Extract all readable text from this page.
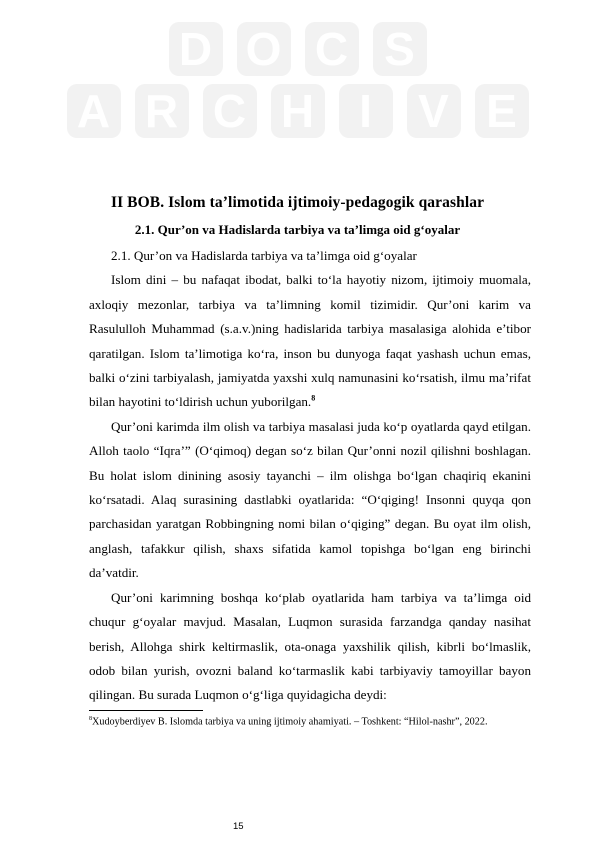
D O C S
A R C H I	V E
II BOB. Islom ta’limotida ijtimoiy-pedagogik qarashlar
2.1. Qur’on va Hadislarda tarbiya va ta’limga oid g‘oyalar

2.1. Qur’on va Hadislarda tarbiya va ta’limga oid g‘oyalar

Islom dini – bu nafaqat ibodat, balki to‘la hayotiy nizom, ijtimoiy muomala, axloqiy mezonlar, tarbiya va ta’limning komil tizimidir. Qur’oni karim va Rasululloh Muhammad (s.a.v.)ning hadislarida tarbiya masalasiga alohida e’tibor qaratilgan. Islom ta’limotiga ko‘ra, inson bu dunyoga faqat yashash uchun emas, balki o‘zini tarbiyalash, jamiyatda yaxshi xulq namunasini ko‘rsatish, ilmu ma’rifat bilan hayotini to‘ldirish uchun yuborilgan.$^8$

Qur’oni karimda ilm olish va tarbiya masalasi juda ko‘p oyatlarda qayd etilgan. Alloh taolo “Iqra’” (O‘qimoq) degan so‘z bilan Qur’onni nozil qilishni boshlagan. Bu holat islom dinining asosiy tayanchi – ilm olishga bo‘lgan chaqiriq ekanini ko‘rsatadi. Alaq surasining dastlabki oyatlarida: “O‘qiging! Insonni quyqa qon parchasidan yaratgan Robbingning nomi bilan o‘qiging” degan. Bu oyat ilm olish, anglash, tafakkur qilish, shaxs sifatida kamol topishga bo‘lgan eng birinchi da’vatdir.

Qur’oni karimning boshqa ko‘plab oyatlarida ham tarbiya va ta’limga oid chuqur g‘oyalar mavjud. Masalan, Luqmon surasida farzandga qanday nasihat berish, Allohga shirk keltirmaslik, ota-onaga yaxshilik qilish, kibrli bo‘lmaslik, odob bilan yurish, ovozni baland ko‘tarmaslik kabi tarbiyaviy tamoyillar bayon qilingan. Bu surada Luqmon o‘g‘liga quyidagicha deydi:

$^8$Xudoyberdiyev B. Islomda tarbiya va uning ijtimoiy ahamiyati. – Toshkent: “Hilol-nashr”, 2022.
15
